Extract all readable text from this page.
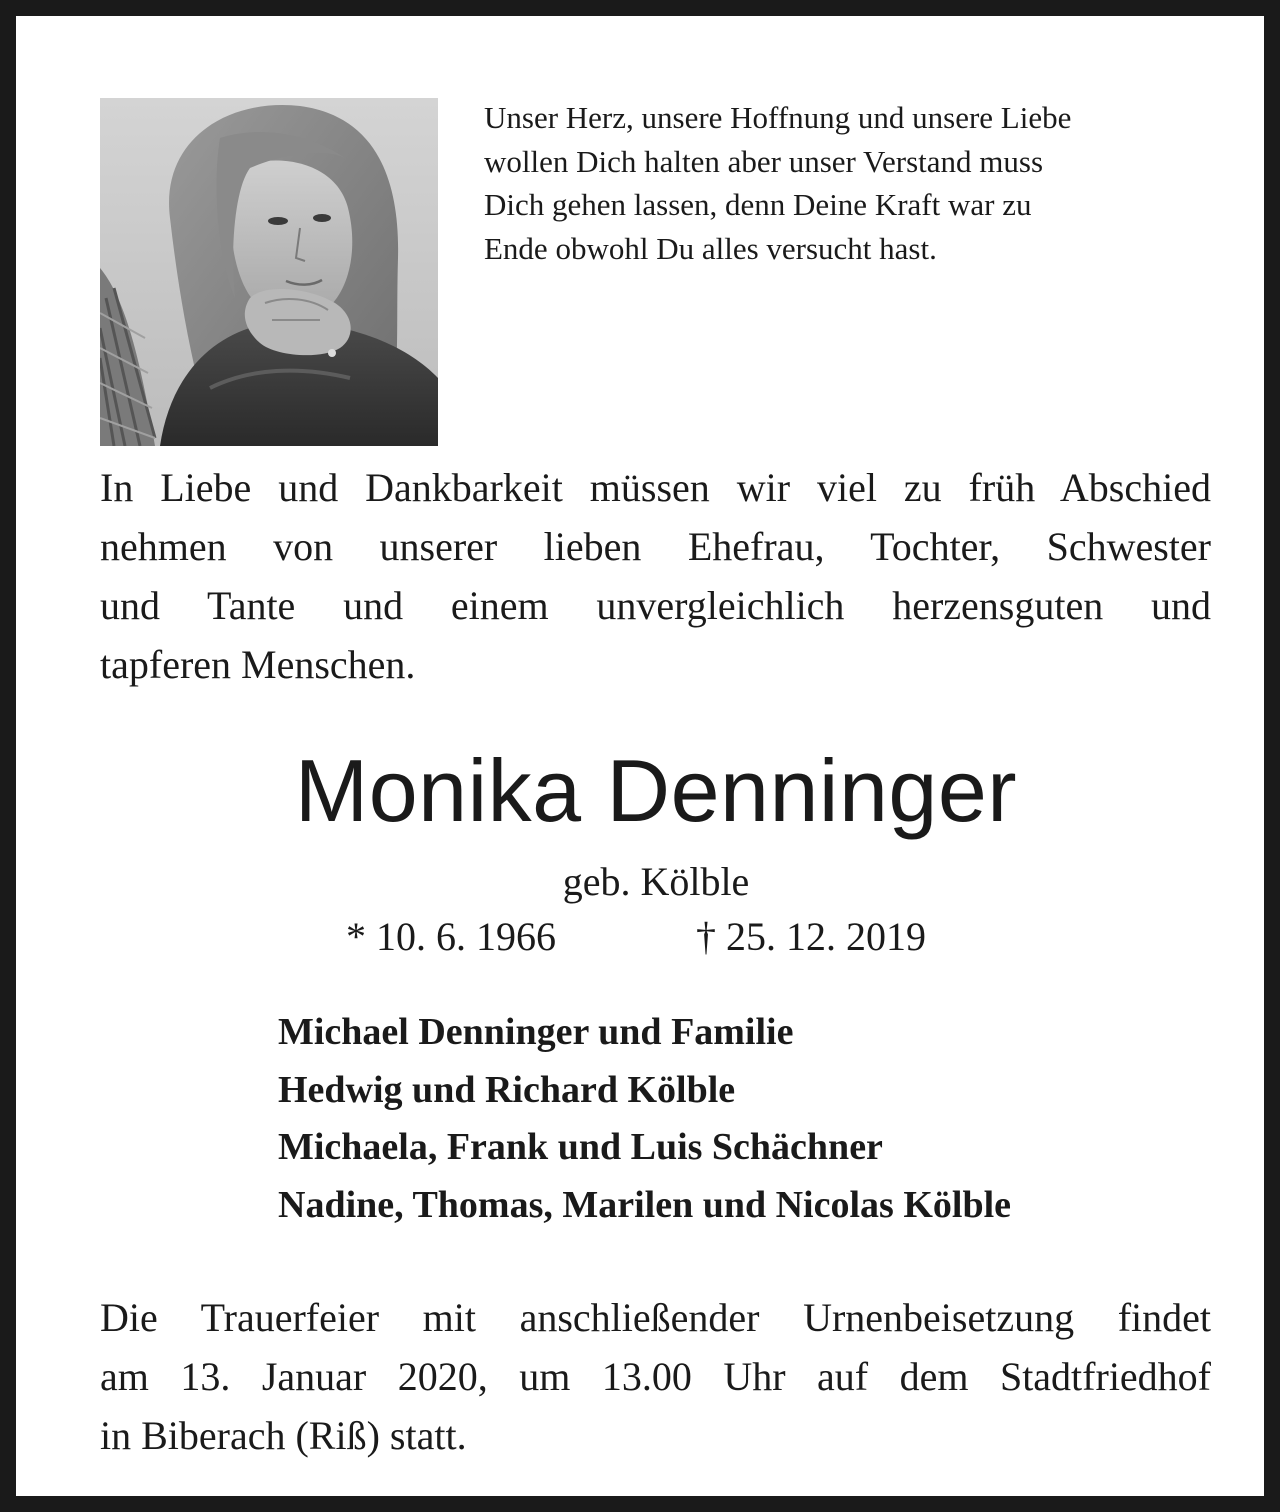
Unser Herz, unsere Hoffnung und unsere Liebe
wollen Dich halten aber unser Verstand muss
Dich gehen lassen, denn Deine Kraft war zu
Ende obwohl Du alles versucht hast.

In Liebe und Dankbarkeit müssen wir viel zu früh Abschied
nehmen von unserer lieben Ehefrau, Tochter, Schwester
und Tante und einem unvergleichlich herzensguten und
tapferen Menschen.

Monika Denninger
geb. Kölble
* 10. 6. 1966	† 25. 12. 2019

Michael Denninger und Familie
Hedwig und Richard Kölble
Michaela, Frank und Luis Schächner
Nadine, Thomas, Marilen und Nicolas Kölble

Die Trauerfeier mit anschließender Urnenbeisetzung findet
am 13. Januar 2020, um 13.00 Uhr auf dem Stadtfriedhof
in Biberach (Riß) statt.
